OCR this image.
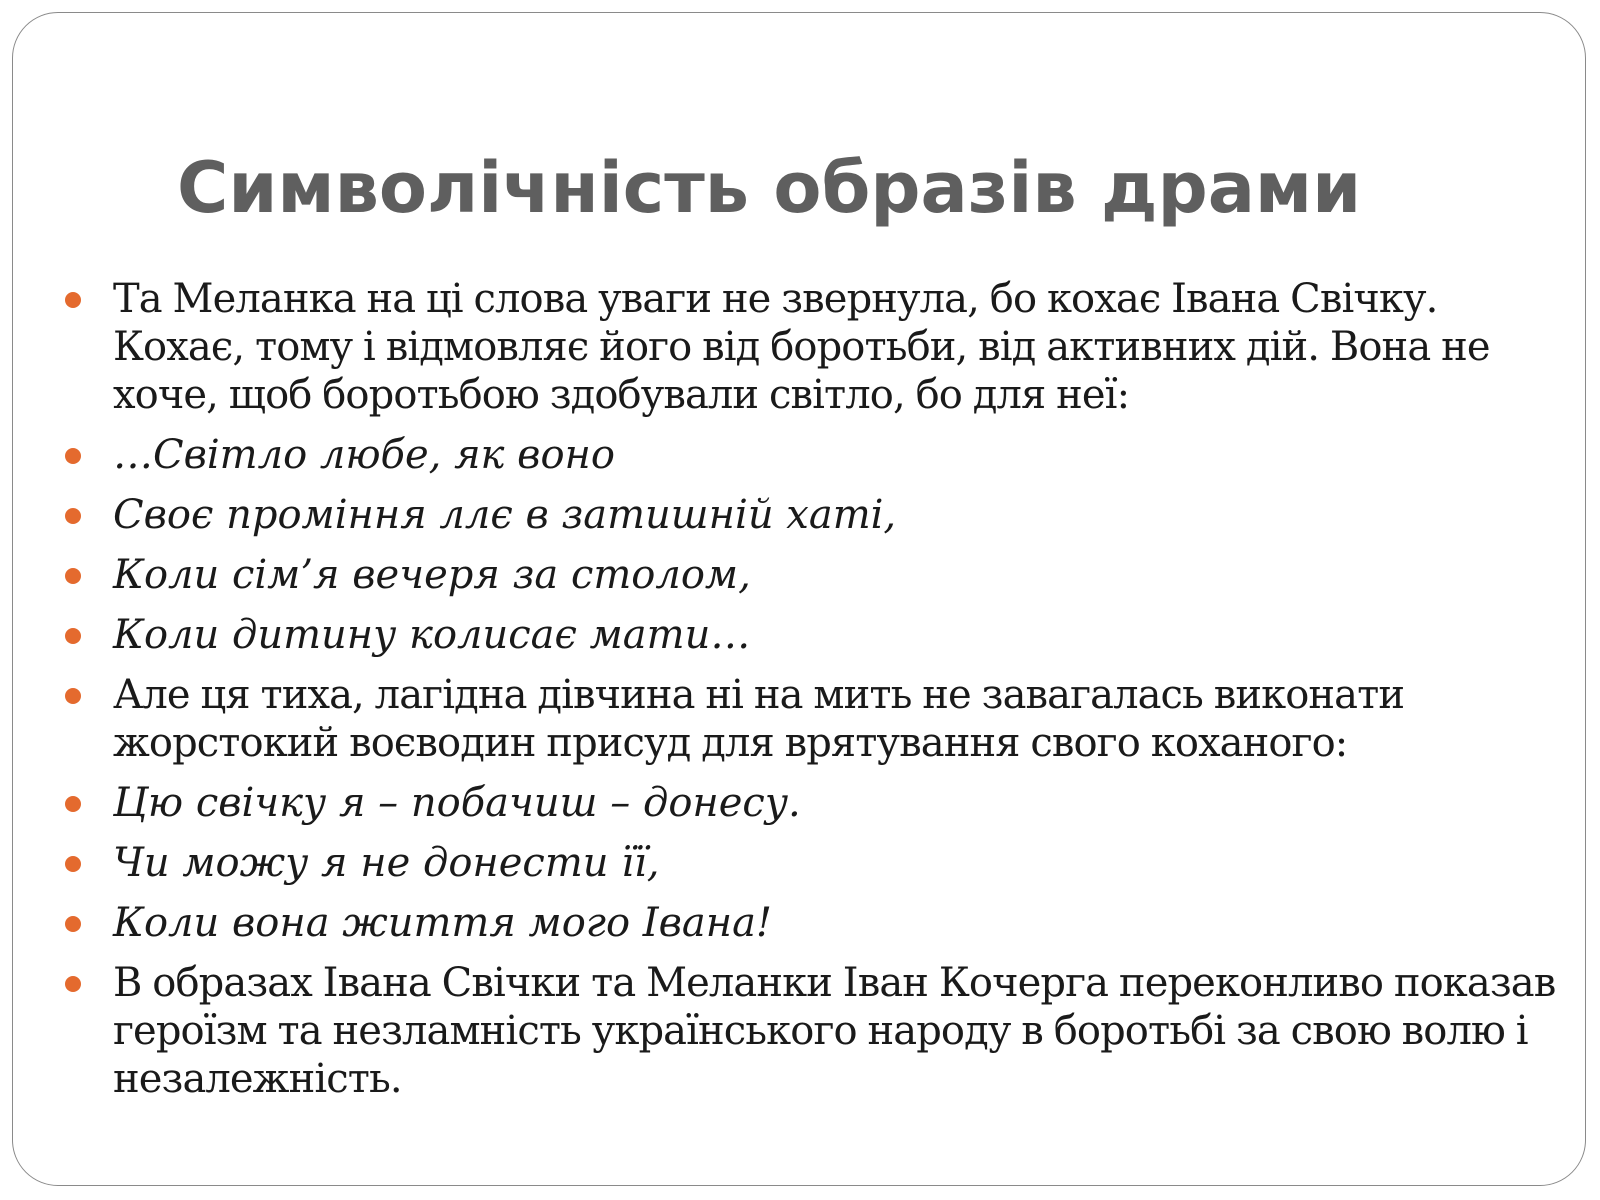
Символічність образів драми
Та Меланка на ці слова уваги не звернула, бо кохає Івана Свічку. Кохає, тому і відмовляє його від боротьби, від активних дій. Вона не хоче, щоб боротьбою здобували світло, бо для неї:
…Світло любе, як воно
Своє проміння ллє в затишній хаті,
Коли сім’я вечеря за столом,
Коли дитину колисає мати…
Але ця тиха, лагідна дівчина ні на мить не завагалась виконати жорстокий воєводин присуд для врятування свого коханого:
Цю свічку я – побачиш – донесу.
Чи можу я не донести її,
Коли вона життя мого Івана!
В образах Івана Свічки та Меланки Іван Кочерга переконливо показав героїзм та незламність українського народу в боротьбі за свою волю і незалежність.
